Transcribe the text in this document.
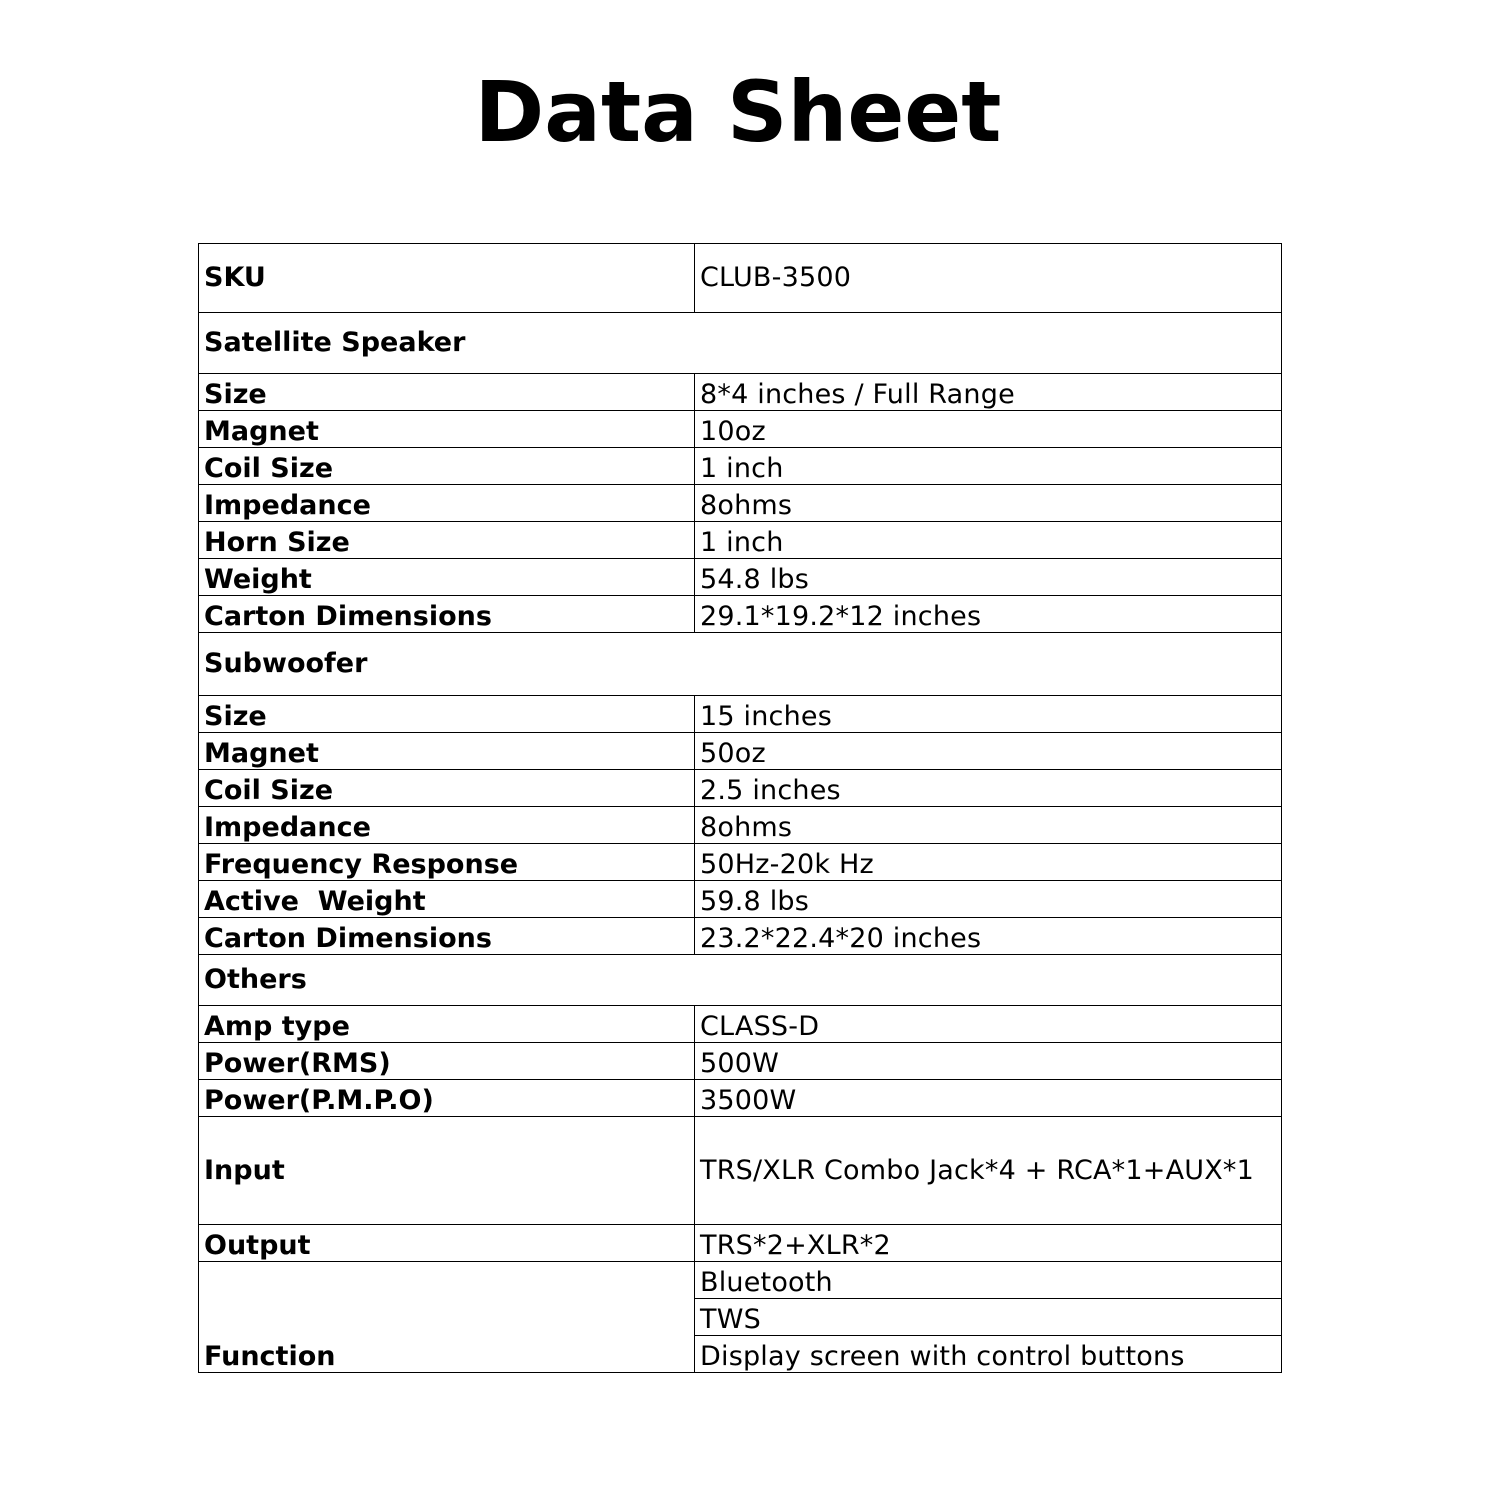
Data Sheet
SKU	CLUB-3500
Satellite Speaker	
Size	8*4 inches / Full Range
Magnet	10oz
Coil Size	1 inch
Impedance	8ohms
Horn Size	1 inch
Weight	54.8 lbs
Carton Dimensions	29.1*19.2*12 inches
Subwoofer	
Size	15 inches
Magnet	50oz
Coil Size	2.5 inches
Impedance	8ohms
Frequency Response	50Hz-20k Hz
Active  Weight	59.8 lbs
Carton Dimensions	23.2*22.4*20 inches
Others	
Amp type	CLASS-D
Power(RMS)	500W
Power(P.M.P.O)	3500W
Input	TRS/XLR Combo Jack*4 + RCA*1+AUX*1
Output	TRS*2+XLR*2
Function	Bluetooth
	TWS
	Display screen with control buttons
